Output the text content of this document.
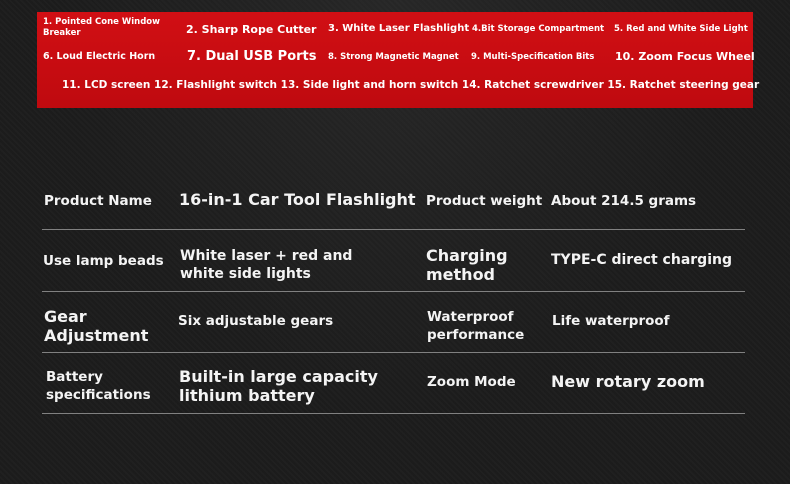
1. Pointed Cone Window Breaker	2. Sharp Rope Cutter 3. White Laser Flashlight 4.Bit Storage Compartment 5. Red and White Side Light
6. Loud Electric Horn 7. Dual USB Ports 8. Strong Magnetic Magnet 9. Multi-Specification Bits 10. Zoom Focus Wheel
11. LCD screen 12. Flashlight switch 13. Side light and horn switch 14. Ratchet screwdriver 15. Ratchet steering gear
Product Name 16-in-1 Car Tool Flashlight Product weight About 214.5 grams
Use lamp beads White laser + red and white side lights
Charging method
TYPE-C direct charging
Gear Adjustment
Six adjustable gears	Waterproof performance
Life waterproof
Battery specifications
Built-in large capacity lithium battery
Zoom Mode New rotary zoom
